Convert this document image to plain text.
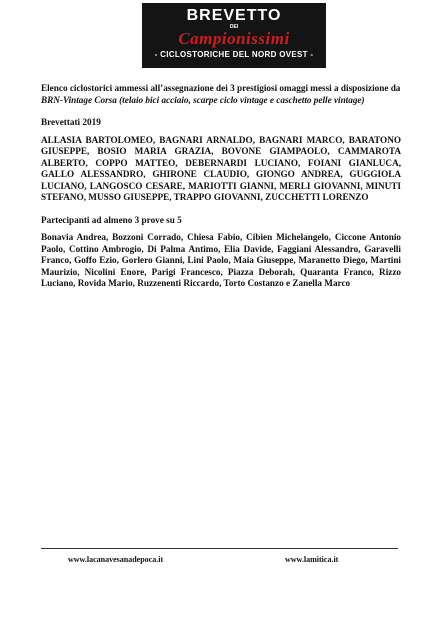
BREVETTO
DEI
Campionissimi
- CICLOSTORICHE DEL NORD OVEST -

Elenco ciclostorici ammessi all’assegnazione dei 3 prestigiosi omaggi messi a disposizione da BRN-Vintage Corsa (telaio bici acciaio, scarpe ciclo vintage e caschetto pelle vintage)

Brevettati 2019

ALLASIA BARTOLOMEO, BAGNARI ARNALDO, BAGNARI MARCO, BARATONO GIUSEPPE, BOSIO MARIA GRAZIA, BOVONE GIAMPAOLO, CAMMAROTA ALBERTO, COPPO MATTEO, DEBERNARDI LUCIANO, FOIANI GIANLUCA, GALLO ALESSANDRO, GHIRONE CLAUDIO, GIONGO ANDREA, GUGGIOLA LUCIANO, LANGOSCO CESARE, MARIOTTI GIANNI, MERLI GIOVANNI, MINUTI STEFANO, MUSSO GIUSEPPE, TRAPPO GIOVANNI, ZUCCHETTI LORENZO

Partecipanti ad almeno 3 prove su 5

Bonavia Andrea, Bozzoni Corrado, Chiesa Fabio, Cibien Michelangelo, Ciccone Antonio Paolo, Cottino Ambrogio, Di Palma Antimo, Elia Davide, Faggiani Alessandro, Garavelli Franco, Goffo Ezio, Gorlero Gianni, Lini Paolo, Maia Giuseppe, Maranetto Diego, Martini Maurizio, Nicolini Enore, Parigi Francesco, Piazza Deborah, Quaranta Franco, Rizzo Luciano, Rovida Mario, Ruzzenenti Riccardo, Torto Costanzo e Zanella Marco

www.lacanavesanadepoca.it	www.lamitica.it
